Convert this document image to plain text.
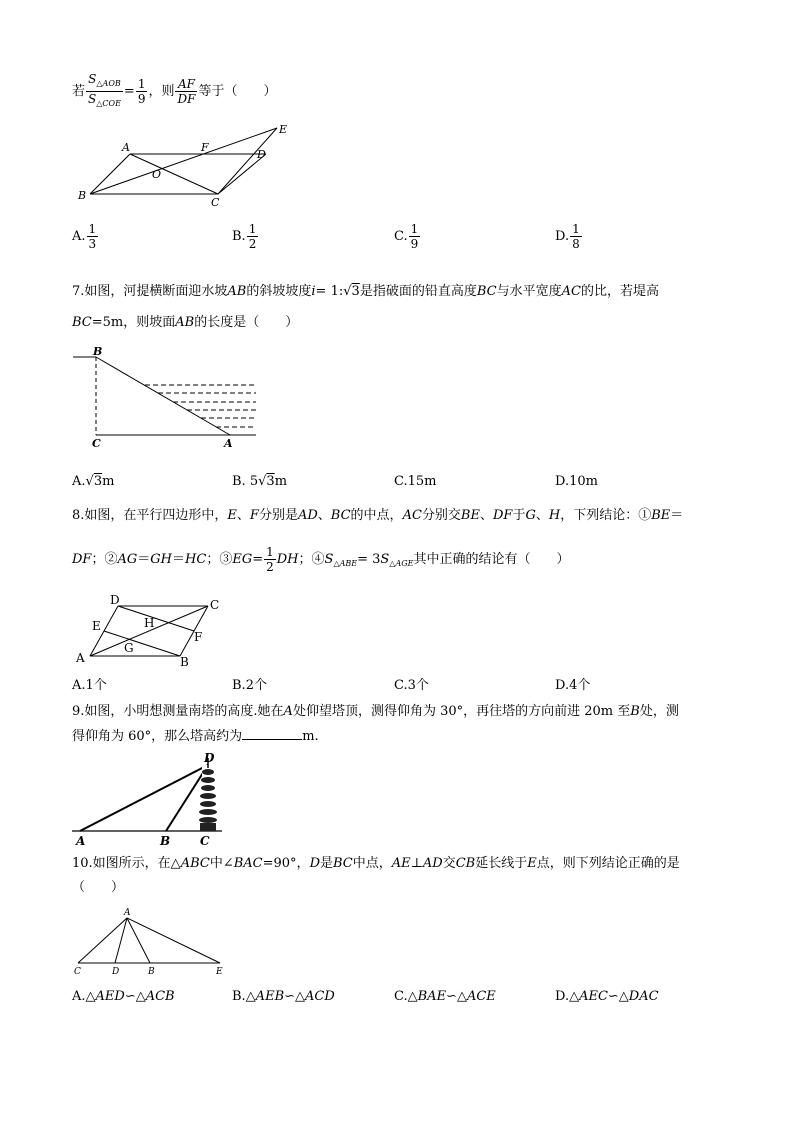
若 $\frac{S_{\triangle AOB}}{S_{\triangle COE}} = \frac{1}{9}$ ，则 $\frac{AF}{DF}$ 等于（　　）
A
B
C
D
E
F
O
A. $\frac{1}{3}$	B. $\frac{1}{2}$	C. $\frac{1}{9}$	D. $\frac{1}{8}$
7.如图，河提横断面迎水坡AB的斜坡坡度i= 1:√3是指破面的铅直高度BC与水平宽度AC的比，若堤高
BC=5m，则坡面AB的长度是（　　）
B
C	A
A.√3m	B. 5√3m	C.15m	D.10m
8.如图，在平行四边形中，E、F分别是AD、BC的中点，AC分别交BE、DF于G、H，下列结论：①BE＝
DF；②AG＝GH＝HC；③EG= $\frac{1}{2}$ DH；$④S_{\triangle ABE}= 3S_{\triangle AGE}$其中正确的结论有（　　）
D	C
E	H
F
G
A	B
A.1个	B.2个	C.3个	D.4个
9.如图，小明想测量南塔的高度.她在A处仰望塔顶，测得仰角为 30°，再往塔的方向前进 20m 至B处，测
得仰角为 60°，那么塔高约为	m.
D
A	B C
10.如图所示，在△ABC中∠BAC=90°，D是BC中点，AE⊥AD交CB延长线于E点，则下列结论正确的是
（　　）
A
C	D	B	E
A.△AED∽△ACB	B.△AEB∽△ACD	C.△BAE∽△ACE	D.△AEC∽△DAC
